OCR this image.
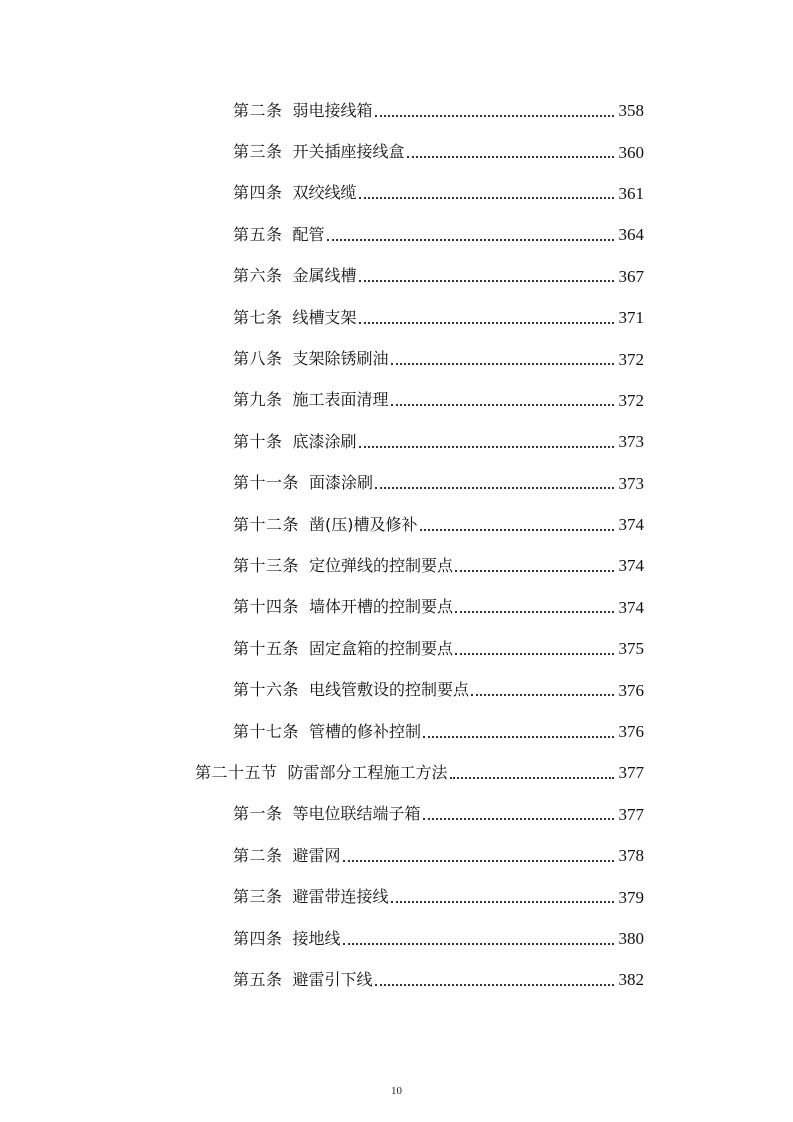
第二条 弱电接线箱	358
第三条 开关插座接线盒	360
第四条 双绞线缆	361
第五条 配管	364
第六条 金属线槽	367
第七条 线槽支架	371
第八条 支架除锈刷油	372
第九条 施工表面清理	372
第十条 底漆涂刷	373
第十一条 面漆涂刷	373
第十二条 凿(压)槽及修补	374
第十三条 定位弹线的控制要点	374
第十四条 墙体开槽的控制要点	374
第十五条 固定盒箱的控制要点	375
第十六条 电线管敷设的控制要点	376
第十七条 管槽的修补控制	376
第二十五节 防雷部分工程施工方法	377
第一条 等电位联结端子箱	377
第二条 避雷网	378
第三条 避雷带连接线	379
第四条 接地线	380
第五条 避雷引下线	382
10
